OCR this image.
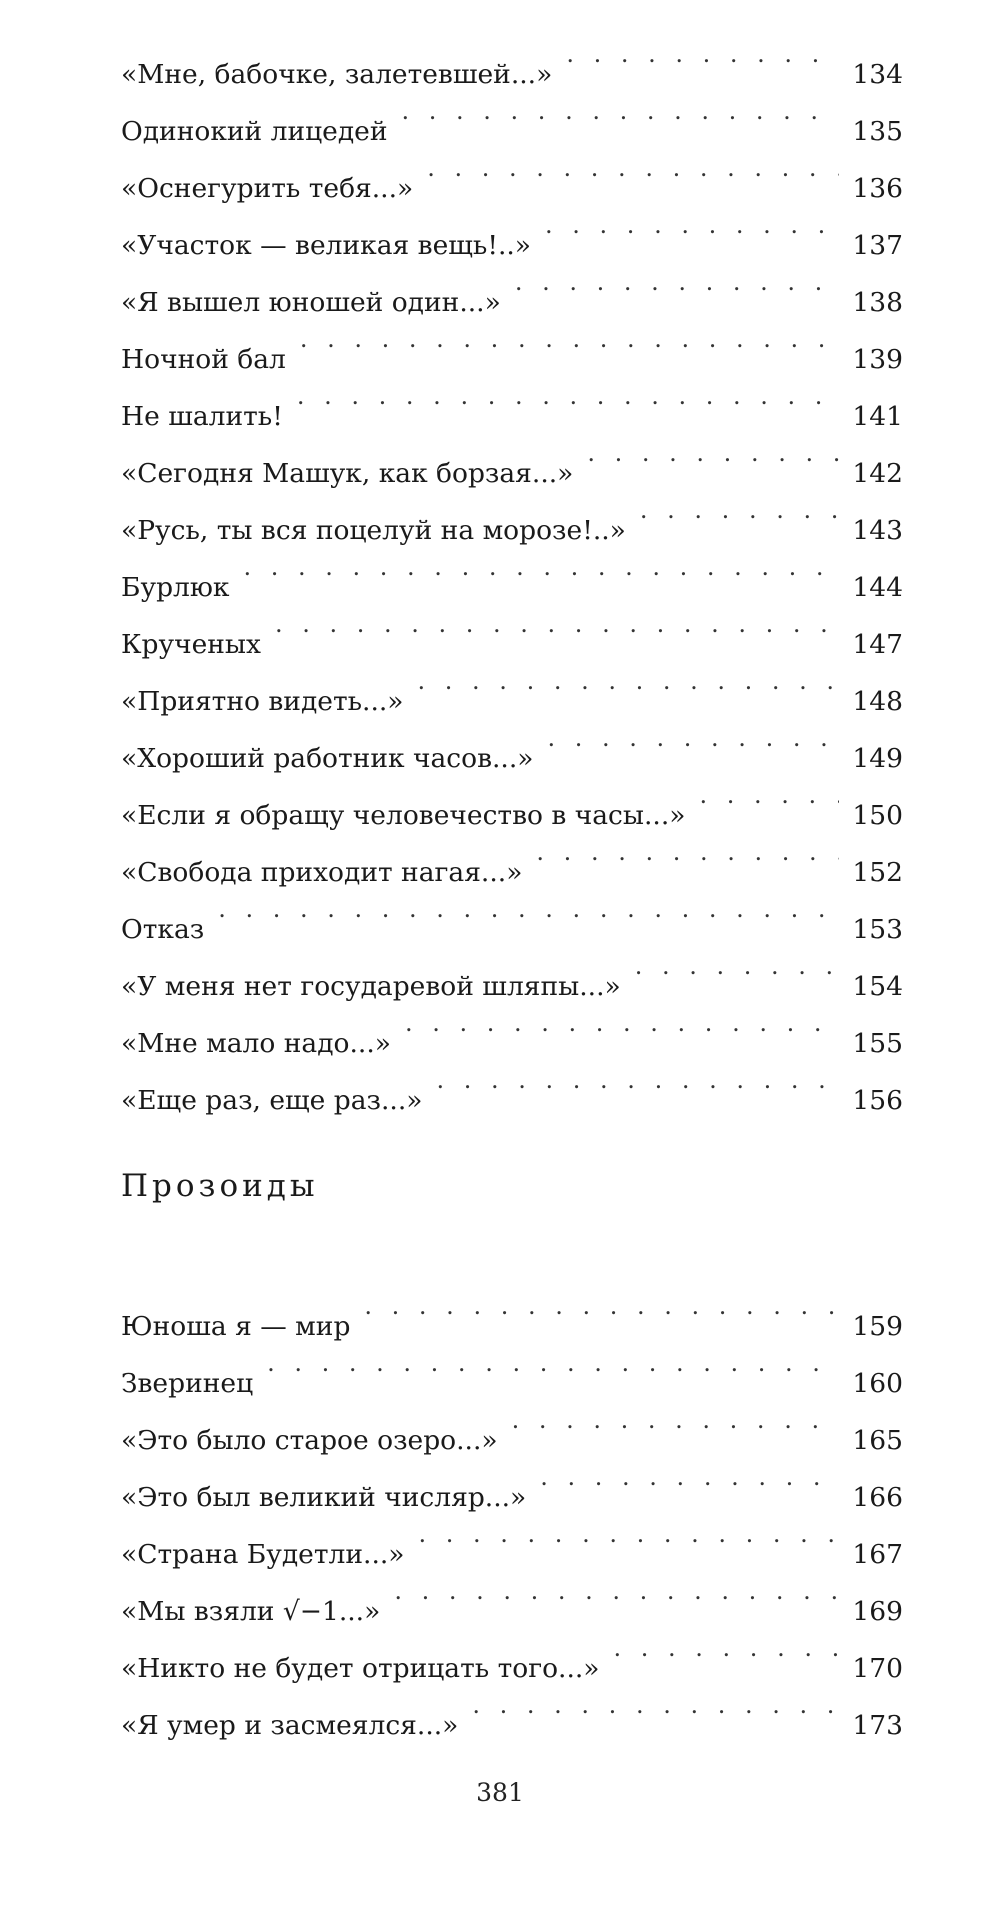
«Мне, бабочке, залетевшей...» . . .	134
Одинокий лицедей . . .	135
«Оснегурить тебя...» . . .	136
«Участок — великая вещь!..» . . .	137
«Я вышел юношей один...» . . .	138
Ночной бал . . .	139
Не шалить! . . .	141
«Сегодня Машук, как борзая...» . . .	142
«Русь, ты вся поцелуй на морозе!..» . . .	143
Бурлюк . . .	144
Крученых . . .	147
«Приятно видеть...» . . .	148
«Хороший работник часов...» . . .	149
«Если я обращу человечество в часы...» . . .	150
«Свобода приходит нагая...» . . .	152
Отказ . . .	153
«У меня нет государевой шляпы...» . . .	154
«Мне мало надо...» . . .	155
«Еще раз, еще раз...» . . .	156
Прозоиды
Юноша я — мир . . .	159
Зверинец . . .	160
«Это было старое озеро...» . . .	165
«Это был великий числяр...» . . .	166
«Страна Будетли...» . . .	167
«Мы взяли √−1...» . . .	169
«Никто не будет отрицать того...» . . .	170
«Я умер и засмеялся...» . . .	173
381
